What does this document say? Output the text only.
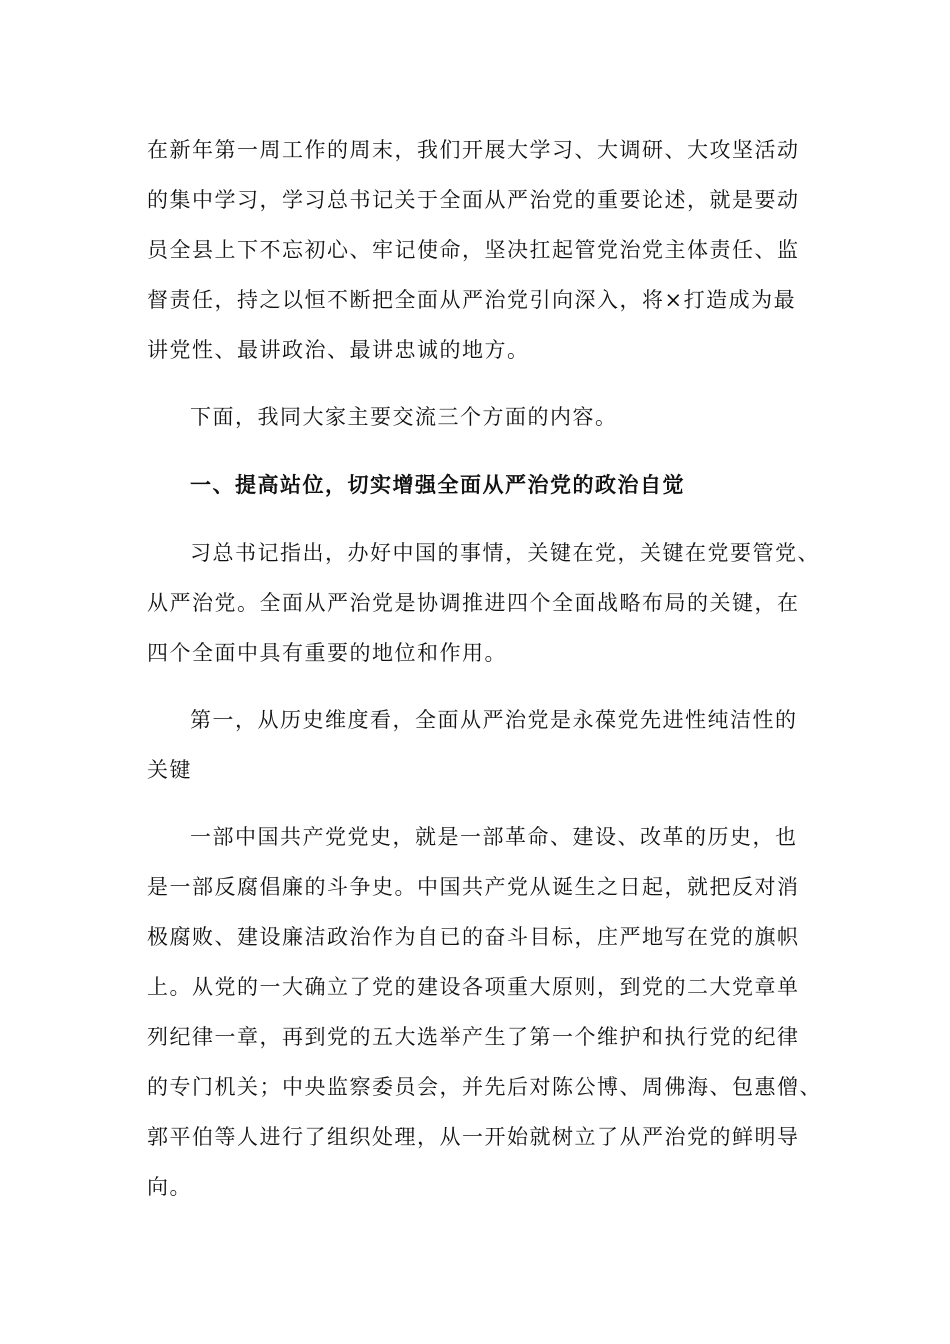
在新年第一周工作的周末，我们开展大学习、大调研、大攻坚活动
的集中学习，学习总书记关于全面从严治党的重要论述，就是要动
员全县上下不忘初心、牢记使命，坚决扛起管党治党主体责任、监
督责任，持之以恒不断把全面从严治党引向深入，将×打造成为最
讲党性、最讲政治、最讲忠诚的地方。
下面，我同大家主要交流三个方面的内容。
一、提高站位，切实增强全面从严治党的政治自觉
习总书记指出，办好中国的事情，关键在党，关键在党要管党、
从严治党。全面从严治党是协调推进四个全面战略布局的关键，在
四个全面中具有重要的地位和作用。
第一，从历史维度看，全面从严治党是永葆党先进性纯洁性的
关键
一部中国共产党党史，就是一部革命、建设、改革的历史，也
是一部反腐倡廉的斗争史。中国共产党从诞生之日起，就把反对消
极腐败、建设廉洁政治作为自已的奋斗目标，庄严地写在党的旗帜
上。从党的一大确立了党的建设各项重大原则，到党的二大党章单
列纪律一章，再到党的五大选举产生了第一个维护和执行党的纪律
的专门机关；中央监察委员会，并先后对陈公博、周佛海、包惠僧、
郭平伯等人进行了组织处理，从一开始就树立了从严治党的鲜明导
向。
